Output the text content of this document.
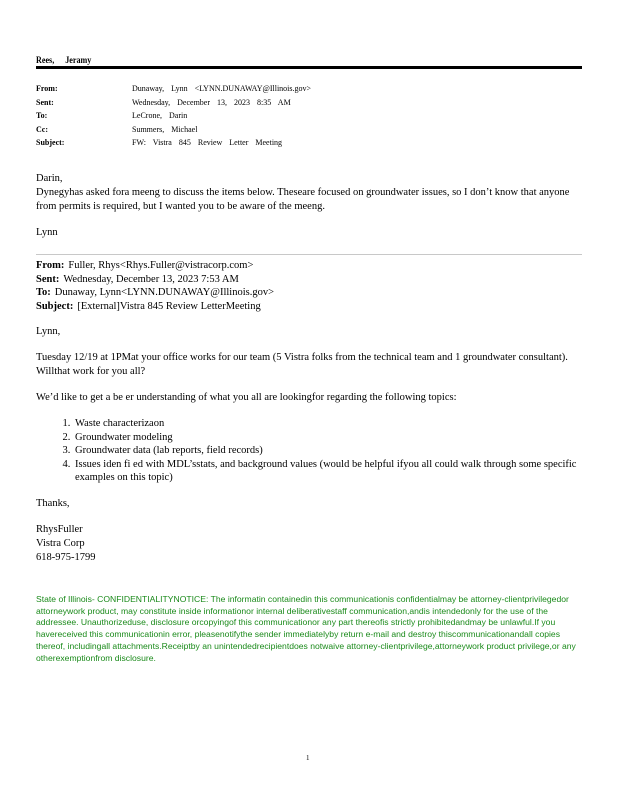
Rees, Jeramy
From:	Dunaway, Lynn <LYNN.DUNAWAY@Illinois.gov>
Sent:	Wednesday, December 13, 2023 8:35 AM
To:	LeCrone, Darin
Cc:	Summers, Michael
Subject:	FW: Vistra 845 Review Letter Meeting

Darin,

Dynegyhas asked fora meeng to discuss the items below. Theseare focused on groundwater issues, so I don’t know that anyone from permits is required, but I wanted you to be aware of the meeng.

Lynn

From: Fuller, Rhys<Rhys.Fuller@vistracorp.com>
Sent: Wednesday, December 13, 2023 7:53 AM
To: Dunaway, Lynn<LYNN.DUNAWAY@Illinois.gov>
Subject: [External]Vistra 845 Review LetterMeeting

Lynn,

Tuesday 12/19 at 1PMat your office works for our team (5 Vistra folks from the technical team and 1 groundwater consultant). Willthat work for you all?

We’d like to get a be er understanding of what you all are lookingfor regarding the following topics:

1. Waste characterizaon
2. Groundwater modeling
3. Groundwater data (lab reports, field records)
4. Issues iden fi ed with MDL’sstats, and background values (would be helpful ifyou all could walk through some specific examples on this topic)

Thanks,

RhysFuller

Vistra Corp

618-975-1799

State of Illinois- CONFIDENTIALITYNOTICE: The informatin containedin this communicationis confidentialmay be attorney-clientprivilegedor attorneywork product, may constitute inside informationor internal deliberativestaff communication,andis intendedonly for the use of the addressee. Unauthorizeduse, disclosure orcopyingof this communicationor any part thereofis strictly prohibitedandmay be unlawful.If you havereceived this communicationin error, pleasenotifythe sender immediatelyby return e-mail and destroy thiscommunicationandall copies thereof, includingall attachments.Receiptby an unintendedrecipientdoes notwaive attorney-clientprivilege,attorneywork product privilege,or any otherexemptionfrom disclosure.
1
